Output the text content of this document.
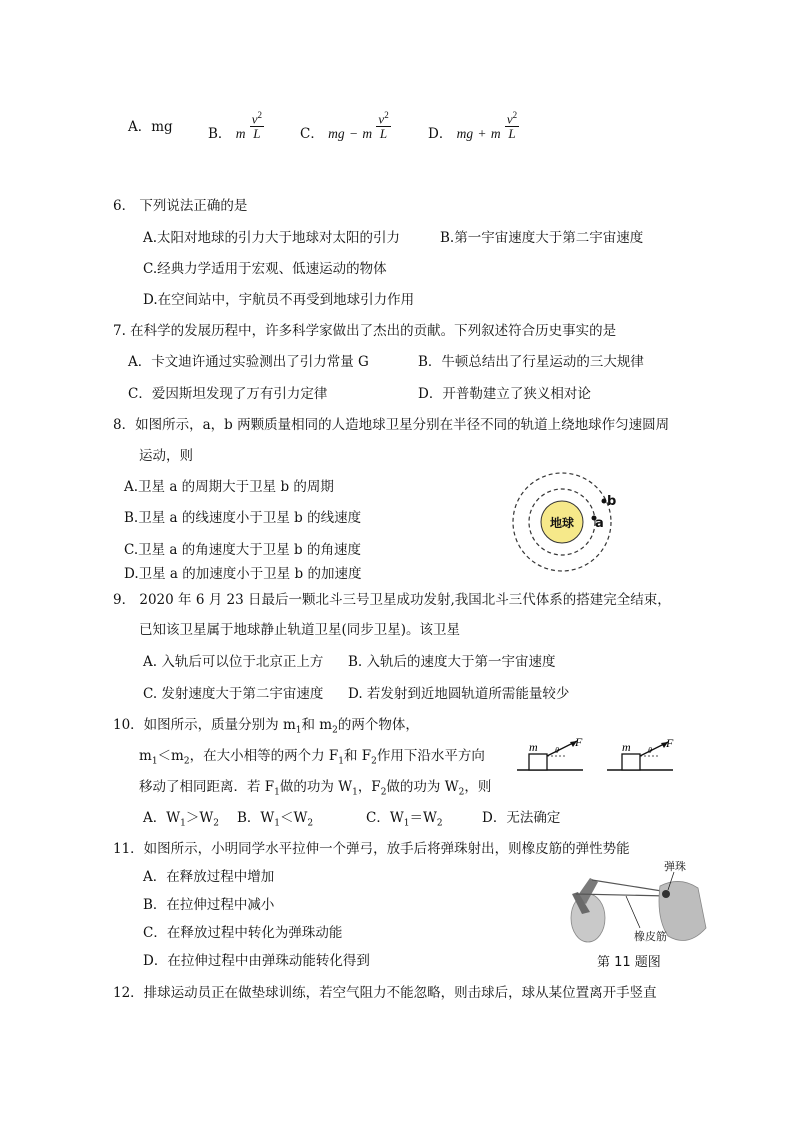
A．mg	B． m $\frac{v^2}{L}$	C． mg − m $\frac{v^2}{L}$	D． mg + m $\frac{v^2}{L}$
6． 下列说法正确的是
A.太阳对地球的引力大于地球对太阳的引力	B.第一宇宙速度大于第二宇宙速度
C.经典力学适用于宏观、低速运动的物体
D.在空间站中，宇航员不再受到地球引力作用
7. 在科学的发展历程中，许多科学家做出了杰出的贡献。下列叙述符合历史事实的是
A．卡文迪许通过实验测出了引力常量 G	B．牛顿总结出了行星运动的三大规律
C．爱因斯坦发现了万有引力定律	D．开普勒建立了狭义相对论
8．如图所示，a，b 两颗质量相同的人造地球卫星分别在半径不同的轨道上绕地球作匀速圆周
运动，则
A.卫星 a 的周期大于卫星 b 的周期
B.卫星 a 的线速度小于卫星 b 的线速度
C.卫星 a 的角速度大于卫星 b 的角速度
D.卫星 a 的加速度小于卫星 b 的加速度
地球 a
b
9． 2020 年 6 月 23 日最后一颗北斗三号卫星成功发射,我国北斗三代体系的搭建完全结束，
已知该卫星属于地球静止轨道卫星(同步卫星)。该卫星
A. 入轨后可以位于北京正上方 B. 入轨后的速度大于第一宇宙速度
C. 发射速度大于第二宇宙速度 D. 若发射到近地圆轨道所需能量较少
10．如图所示，质量分别为 $m_1$和 $m_2$的两个物体，
$m_1<m_2$，在大小相等的两个力 $F_1$和 $F_2$作用下沿水平方向
移动了相同距离．若 $F_1$做的功为 $W_1$，$F_2$做的功为 $W_2$，则
A．$W_1>W_2$ B．$W_1<W_2$	C．$W_1=W_2$	D．无法确定
m θ
F	m θ
F
11．如图所示，小明同学水平拉伸一个弹弓，放手后将弹珠射出，则橡皮筋的弹性势能
A．在释放过程中增加
B．在拉伸过程中减小
C．在释放过程中转化为弹珠动能
D．在拉伸过程中由弹珠动能转化得到
弹珠
橡皮筋
第 11 题图
12．排球运动员正在做垫球训练，若空气阻力不能忽略，则击球后，球从某位置离开手竖直
